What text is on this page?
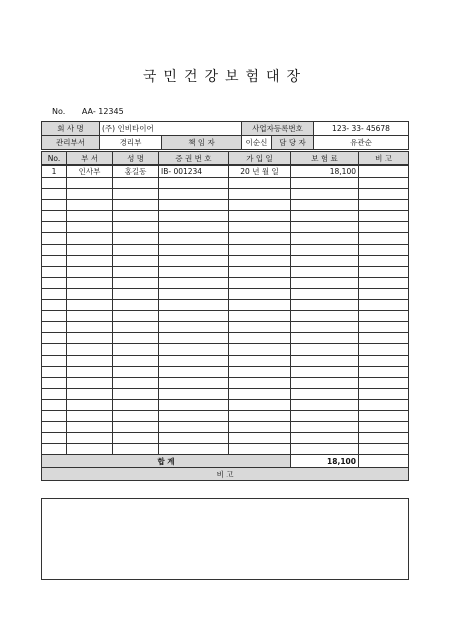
국민건강보험대장
No. AA- 12345
회 사 명	(주) 인비타이어		사업자등록번호		123- 33- 45678
관리부서	경리부	책 임 자	이순신	담 당 자	유관순
No.	부 서	성 명	증 권 번 호	가 입 일	보 험 료	비 고
1	인사부	홍길동	IB- 001234	20 년 월 일	18,100	

합 계					18,100	
비 고						
